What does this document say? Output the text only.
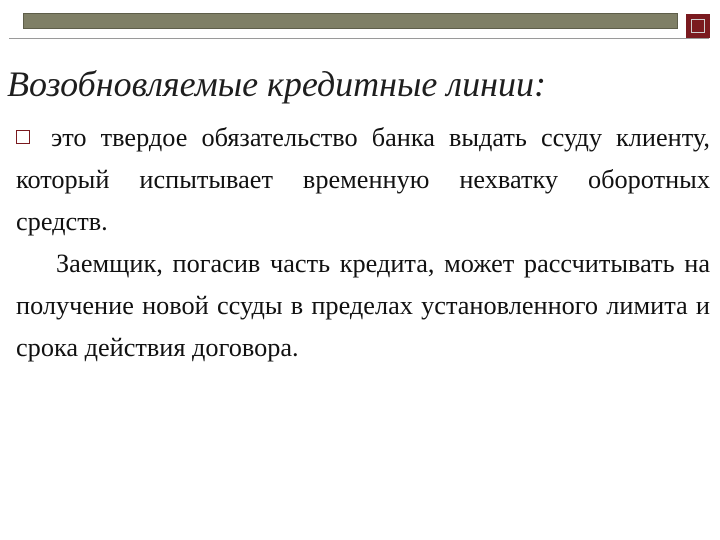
Возобновляемые кредитные линии:

это твердое обязательство банка выдать ссуду клиенту, который испытывает временную нехватку оборотных средств.

Заемщик, погасив часть кредита, может рассчитывать на получение новой ссуды в пределах установленного лимита и срока действия договора.
